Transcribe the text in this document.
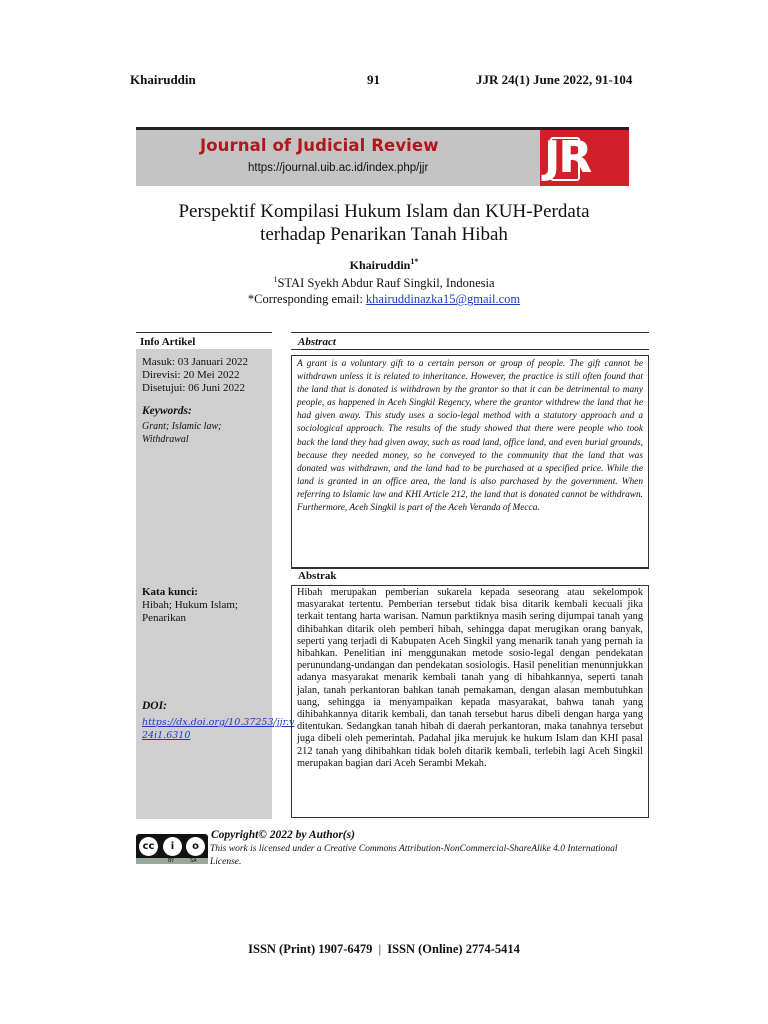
Khairuddin	91	JJR 24(1) June 2022, 91-104
Journal of Judicial Review
https://journal.uib.ac.id/index.php/jjr	JR
Perspektif Kompilasi Hukum Islam dan KUH-Perdata
terhadap Penarikan Tanah Hibah
Khairuddin$^{1*}$
$^1$STAI Syekh Abdur Rauf Singkil, Indonesia
*Corresponding email: khairuddinazka15@gmail.com
Info Artikel	Abstract
Masuk: 03 Januari 2022
Direvisi: 20 Mei 2022
Disetujui: 06 Juni 2022
Keywords:
Grant; Islamic law;
Withdrawal
Kata kunci:
Hibah; Hukum Islam;
Penarikan
DOI:
https://dx.doi.org/10.37253/jjr.v
24i1.6310
A grant is a voluntary gift to a certain person or group of people. The gift cannot be withdrawn unless it is related to inheritance. However, the practice is still often found that the land that is donated is withdrawn by the grantor so that it can be detrimental to many people, as happened in Aceh Singkil Regency, where the grantor withdrew the land that he had given away. This study uses a socio-legal method with a statutory approach and a sociological approach. The results of the study showed that there were people who took back the land they had given away, such as road land, office land, and even burial grounds, because they needed money, so he conveyed to the community that the land that was donated was withdrawn, and the land had to be purchased at a specified price. While the land is granted in an office area, the land is also purchased by the government. When referring to Islamic law and KHI Article 212, the land that is donated cannot be withdrawn. Furthermore, Aceh Singkil is part of the Aceh Veranda of Mecca.
Abstrak
Hibah merupakan pemberian sukarela kepada seseorang atau sekelompok masyarakat tertentu. Pemberian tersebut tidak bisa ditarik kembali kecuali jika terkait tentang harta warisan. Namun parktiknya masih sering dijumpai tanah yang dihibahkan ditarik oleh pemberi hibah, sehingga dapat merugikan orang banyak, seperti yang terjadi di Kabupaten Aceh Singkil yang menarik tanah yang pernah ia hibahkan. Penelitian ini menggunakan metode sosio-legal dengan pendekatan perunundang-undangan dan pendekatan sosiologis. Hasil penelitian menunnjukkan adanya masyarakat menarik kembali tanah yang di hibahkannya, seperti tanah jalan, tanah perkantoran bahkan tanah pemakaman, dengan alasan membutuhkan uang, sehingga ia menyampaikan kepada masyarakat, bahwa tanah yang dihibahkannya ditarik kembali, dan tanah tersebut harus dibeli dengan harga yang ditentukan. Sedangkan tanah hibah di daerah perkantoran, maka tanahnya tersebut juga dibeli oleh pemerintah. Padahal jika merujuk ke hukum Islam dan KHI pasal 212 tanah yang dihibahkan tidak boleh ditarik kembali, terlebih lagi Aceh Singkil merupakan bagian dari Aceh Serambi Mekah.
cc	i	o
BY	SA
Copyright© 2022 by Author(s)
This work is licensed under a Creative Commons Attribution-NonCommercial-ShareAlike 4.0 International License.
ISSN (Print) 1907-6479 | ISSN (Online) 2774-5414
